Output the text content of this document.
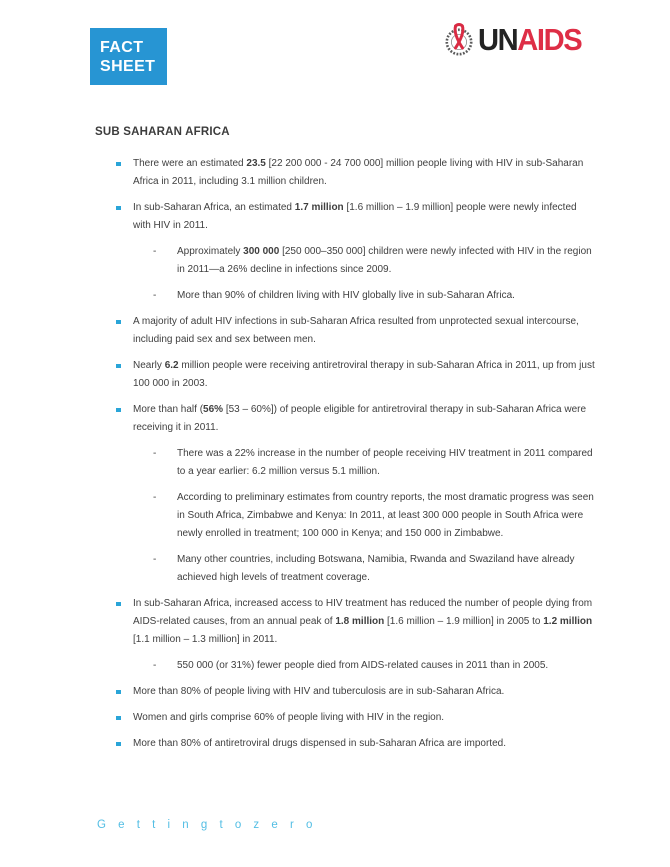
FACT
SHEET
UNAIDS
SUB SAHARAN AFRICA

There were an estimated 23.5 [22 200 000 - 24 700 000] million people living with HIV in sub-Saharan Africa in 2011, including 3.1 million children.

In sub-Saharan Africa, an estimated 1.7 million [1.6 million – 1.9 million] people were newly infected with HIV in 2011.

- Approximately 300 000 [250 000–350 000] children were newly infected with HIV in the region in 2011—a 26% decline in infections since 2009.

- More than 90% of children living with HIV globally live in sub-Saharan Africa.

A majority of adult HIV infections in sub-Saharan Africa resulted from unprotected sexual intercourse, including paid sex and sex between men.

Nearly 6.2 million people were receiving antiretroviral therapy in sub-Saharan Africa in 2011, up from just 100 000 in 2003.

More than half (56% [53 – 60%]) of people eligible for antiretroviral therapy in sub-Saharan Africa were receiving it in 2011.

- There was a 22% increase in the number of people receiving HIV treatment in 2011 compared to a year earlier: 6.2 million versus 5.1 million.

- According to preliminary estimates from country reports, the most dramatic progress was seen in South Africa, Zimbabwe and Kenya: In 2011, at least 300 000 people in South Africa were newly enrolled in treatment; 100 000 in Kenya; and 150 000 in Zimbabwe.

- Many other countries, including Botswana, Namibia, Rwanda and Swaziland have already achieved high levels of treatment coverage.

In sub-Saharan Africa, increased access to HIV treatment has reduced the number of people dying from AIDS-related causes, from an annual peak of 1.8 million [1.6 million – 1.9 million] in 2005 to 1.2 million [1.1 million – 1.3 million] in 2011.

- 550 000 (or 31%) fewer people died from AIDS-related causes in 2011 than in 2005.

More than 80% of people living with HIV and tuberculosis are in sub-Saharan Africa.

Women and girls comprise 60% of people living with HIV in the region.

More than 80% of antiretroviral drugs dispensed in sub-Saharan Africa are imported.

G e t t i n g t o z e r o
